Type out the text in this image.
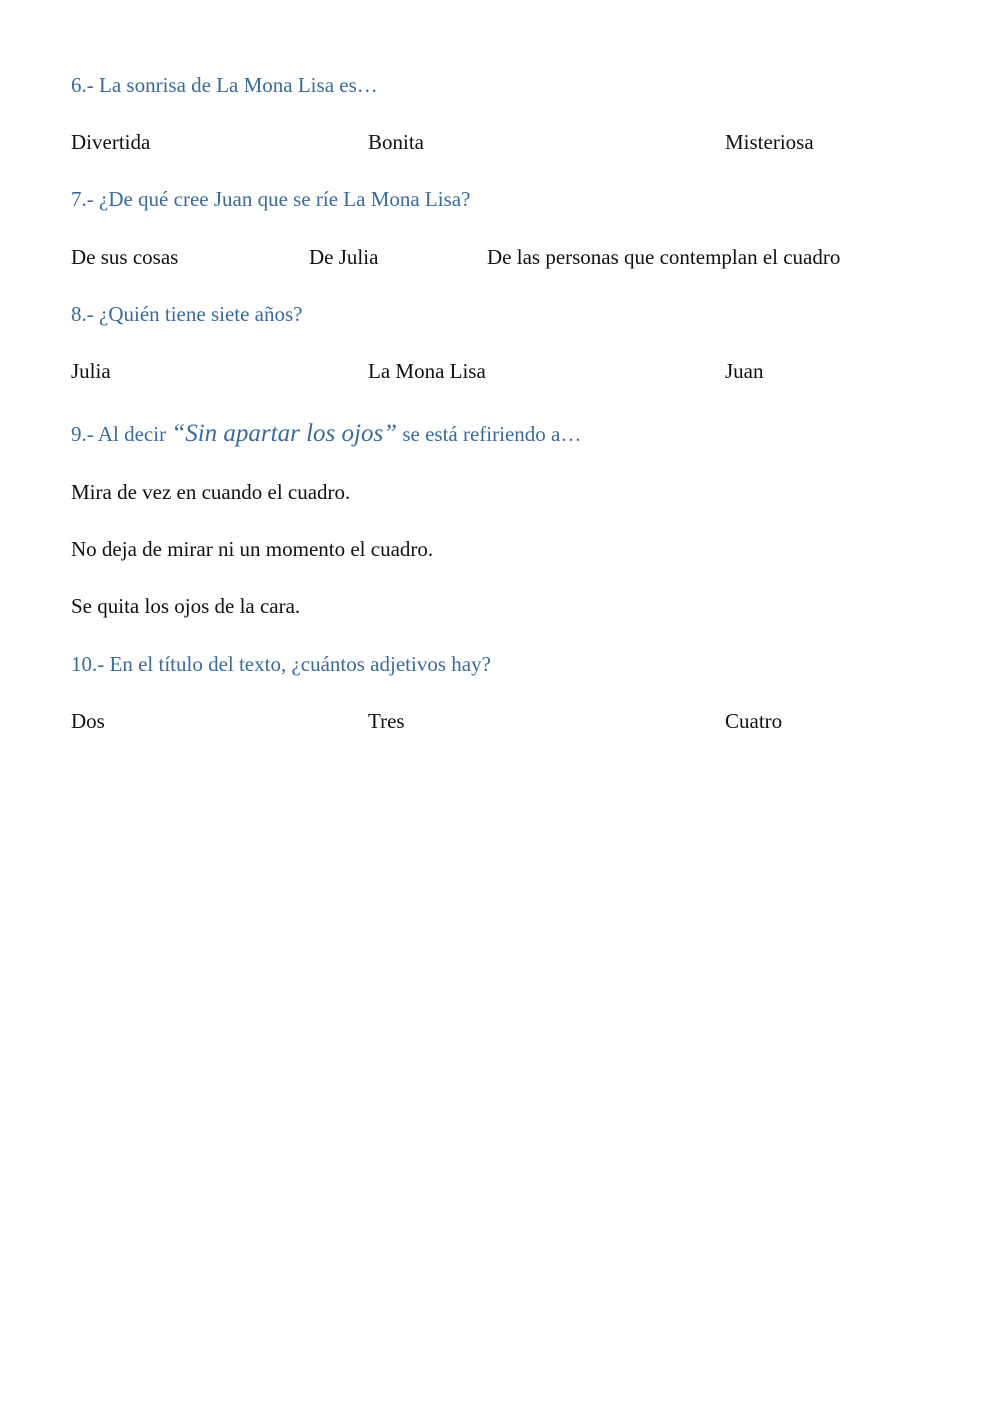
6.- La sonrisa de La Mona Lisa es…
Divertida	Bonita	Misteriosa
7.- ¿De qué cree Juan que se ríe La Mona Lisa?
De sus cosas	De Julia	De las personas que contemplan el cuadro
8.- ¿Quién tiene siete años?
Julia	La Mona Lisa	Juan
9.- Al decir “Sin apartar los ojos” se está refiriendo a…
Mira de vez en cuando el cuadro.
No deja de mirar ni un momento el cuadro.
Se quita los ojos de la cara.
10.- En el título del texto, ¿cuántos adjetivos hay?
Dos	Tres	Cuatro
